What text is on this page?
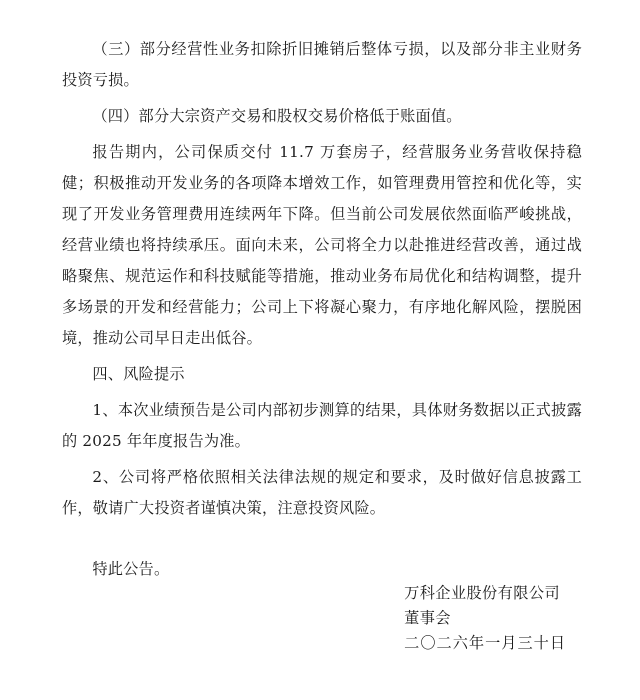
（三）部分经营性业务扣除折旧摊销后整体亏损，以及部分非主业财务投资亏损。

（四）部分大宗资产交易和股权交易价格低于账面值。

报告期内，公司保质交付 11.7 万套房子，经营服务业务营收保持稳健；积极推动开发业务的各项降本增效工作，如管理费用管控和优化等，实现了开发业务管理费用连续两年下降。但当前公司发展依然面临严峻挑战，经营业绩也将持续承压。面向未来，公司将全力以赴推进经营改善，通过战略聚焦、规范运作和科技赋能等措施，推动业务布局优化和结构调整，提升多场景的开发和经营能力；公司上下将凝心聚力，有序地化解风险，摆脱困境，推动公司早日走出低谷。

四、风险提示

1、本次业绩预告是公司内部初步测算的结果，具体财务数据以正式披露的 2025 年年度报告为准。

2、公司将严格依照相关法律法规的规定和要求，及时做好信息披露工作，敬请广大投资者谨慎决策，注意投资风险。

特此公告。

万科企业股份有限公司
董事会
二〇二六年一月三十日
